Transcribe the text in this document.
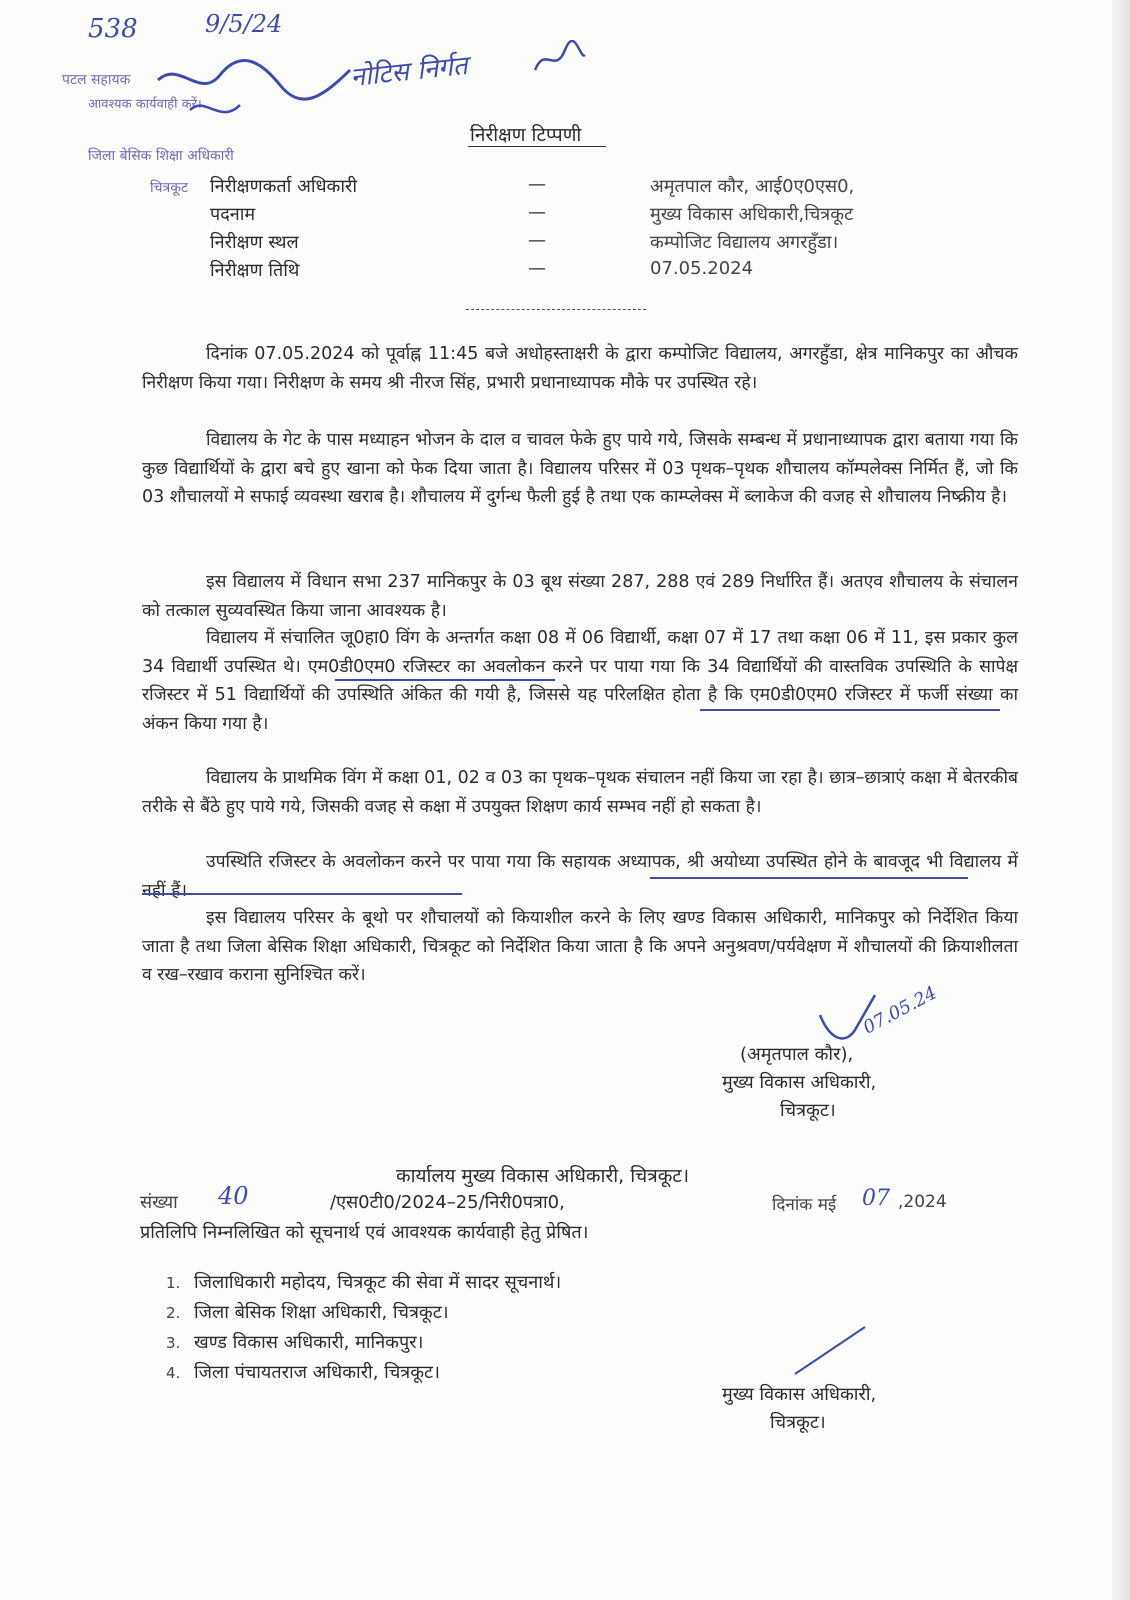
538	9/5/24
पटल सहायक
आवश्यक कार्यवाही करें।
जिला बेसिक शिक्षा अधिकारी
चित्रकूट
नोटिस निर्गत
निरीक्षण टिप्पणी
निरीक्षणकर्ता अधिकारी	—	अमृतपाल कौर, आई0ए0एस0,
पदनाम	—	मुख्य विकास अधिकारी,चित्रकूट
निरीक्षण स्थल	—	कम्पोजिट विद्यालय अगरहुँडा।
निरीक्षण तिथि	—	07.05.2024

दिनांक 07.05.2024 को पूर्वाह्न 11:45 बजे अधोहस्ताक्षरी के द्वारा कम्पोजिट विद्यालय, अगरहुँडा, क्षेत्र मानिकपुर का औचक निरीक्षण किया गया। निरीक्षण के समय श्री नीरज सिंह, प्रभारी प्रधानाध्यापक मौके पर उपस्थित रहे।

विद्यालय के गेट के पास मध्याहन भोजन के दाल व चावल फेके हुए पाये गये, जिसके सम्बन्ध में प्रधानाध्यापक द्वारा बताया गया कि कुछ विद्यार्थियों के द्वारा बचे हुए खाना को फेक दिया जाता है। विद्यालय परिसर में 03 पृथक–पृथक शौचालय कॉम्पलेक्स निर्मित हैं, जो कि 03 शौचालयों मे सफाई व्यवस्था खराब है। शौचालय में दुर्गन्ध फैली हुई है तथा एक काम्प्लेक्स में ब्लाकेज की वजह से शौचालय निष्क्रीय है।

इस विद्यालय में विधान सभा 237 मानिकपुर के 03 बूथ संख्या 287, 288 एवं 289 निर्धारित हैं। अतएव शौचालय के संचालन को तत्काल सुव्यवस्थित किया जाना आवश्यक है।

विद्यालय में संचालित जू0हा0 विंग के अन्तर्गत कक्षा 08 में 06 विद्यार्थी, कक्षा 07 में 17 तथा कक्षा 06 में 11, इस प्रकार कुल 34 विद्यार्थी उपस्थित थे। एम0डी0एम0 रजिस्टर का अवलोकन करने पर पाया गया कि 34 विद्यार्थियों की वास्तविक उपस्थिति के सापेक्ष रजिस्टर में 51 विद्यार्थियों की उपस्थिति अंकित की गयी है, जिससे यह परिलक्षित होता है कि एम0डी0एम0 रजिस्टर में फर्जी संख्या का अंकन किया गया है।

विद्यालय के प्राथमिक विंग में कक्षा 01, 02 व 03 का पृथक–पृथक संचालन नहीं किया जा रहा है। छात्र–छात्राएं कक्षा में बेतरकीब तरीके से बैंठे हुए पाये गये, जिसकी वजह से कक्षा में उपयुक्त शिक्षण कार्य सम्भव नहीं हो सकता है।

उपस्थिति रजिस्टर के अवलोकन करने पर पाया गया कि सहायक अध्यापक, श्री अयोध्या उपस्थित होने के बावजूद भी विद्यालय में नहीं हैं।

इस विद्यालय परिसर के बूथो पर शौचालयों को कियाशील करने के लिए खण्ड विकास अधिकारी, मानिकपुर को निर्देशित किया जाता है तथा जिला बेसिक शिक्षा अधिकारी, चित्रकूट को निर्देशित किया जाता है कि अपने अनुश्रवण/पर्यवेक्षण में शौचालयों की क्रियाशीलता व रख–रखाव कराना सुनिश्चित करें।

07.05.24
(अमृतपाल कौर),
मुख्य विकास अधिकारी,
चित्रकूट।
कार्यालय मुख्य विकास अधिकारी, चित्रकूट।
संख्या 40	/एस0टी0/2024–25/निरी0पत्रा0,	दिनांक मई 07 ,2024
प्रतिलिपि निम्नलिखित को सूचनार्थ एवं आवश्यक कार्यवाही हेतु प्रेषित।
1. जिलाधिकारी महोदय, चित्रकूट की सेवा में सादर सूचनार्थ।
2. जिला बेसिक शिक्षा अधिकारी, चित्रकूट।
3. खण्ड विकास अधिकारी, मानिकपुर।
4. जिला पंचायतराज अधिकारी, चित्रकूट।
मुख्य विकास अधिकारी,
चित्रकूट।
